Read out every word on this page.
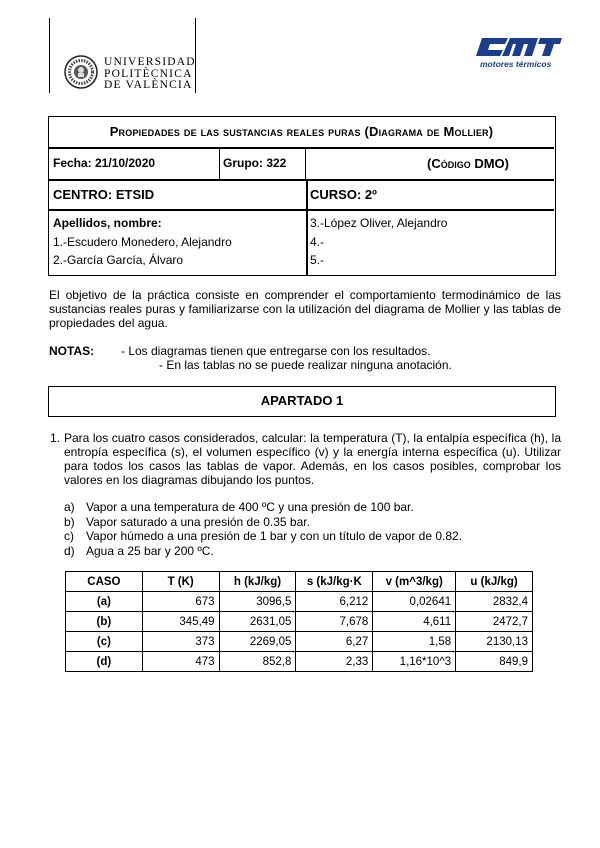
UNIVERSIDAD
POLITÈCNICA
DE VALÈNCIA
motores térmicos
Propiedades de las sustancias reales puras (Diagrama de Mollier)
Fecha: 21/10/2020	Grupo: 322	(Código DMO)
CENTRO: ETSID	CURSO: 2º
Apellidos, nombre:
1.-Escudero Monedero, Alejandro
2.-García García, Álvaro
3.-López Oliver, Alejandro
4.-
5.-
El objetivo de la práctica consiste en comprender el comportamiento termodinámico de las sustancias reales puras y familiarizarse con la utilización del diagrama de Mollier y las tablas de propiedades del agua.
NOTAS: - Los diagramas tienen que entregarse con los resultados.
- En las tablas no se puede realizar ninguna anotación.
APARTADO 1
1. Para los cuatro casos considerados, calcular: la temperatura (T), la entalpía específica (h), la entropía específica (s), el volumen específico (v) y la energía interna específica (u). Utilizar para todos los casos las tablas de vapor. Además, en los casos posibles, comprobar los valores en los diagramas dibujando los puntos.
a) Vapor a una temperatura de 400 ºC y una presión de 100 bar.
b) Vapor saturado a una presión de 0.35 bar.
c) Vapor húmedo a una presión de 1 bar y con un título de vapor de 0.82.
d) Agua a 25 bar y 200 ºC.
CASO	T (K)	h (kJ/kg)	s (kJ/kg·K	v (m^3/kg)	u (kJ/kg)
(a)	673	3096,5	6,212	0,02641	2832,4
(b)	345,49	2631,05	7,678	4,611	2472,7
(c)	373	2269,05	6,27	1,58	2130,13
(d)	473	852,8	2,33	1,16*10^3	849,9
